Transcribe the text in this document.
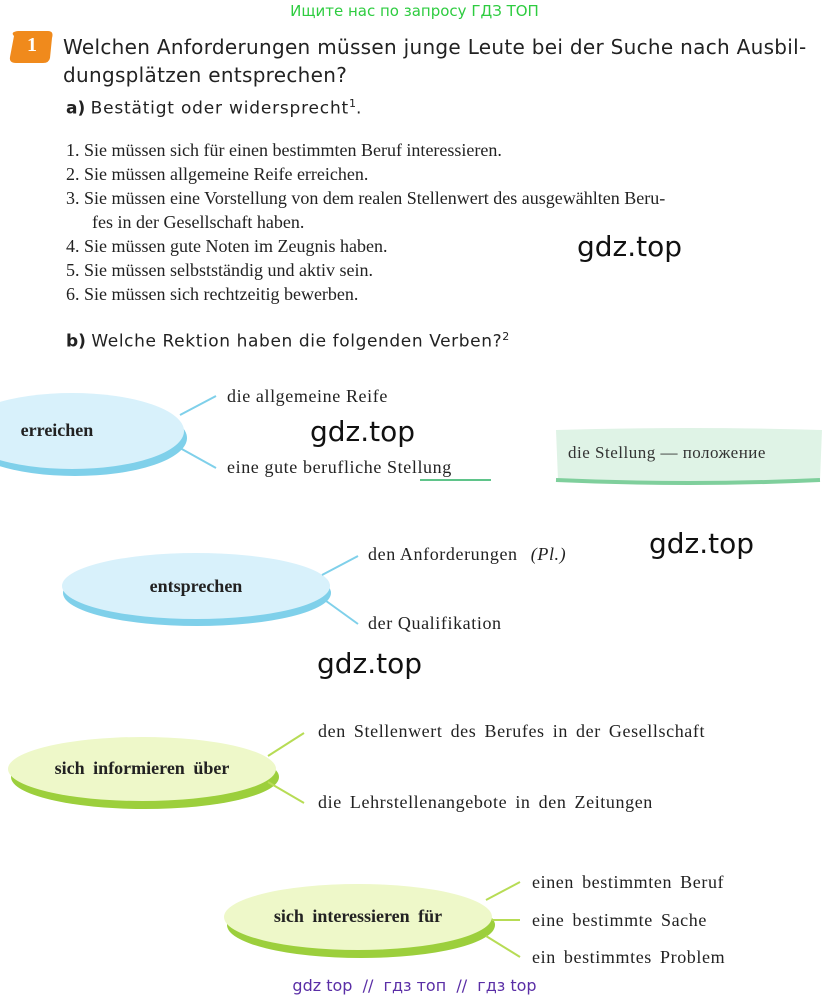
Ищите нас по запросу ГДЗ ТОП
1	Welchen Anforderungen müssen junge Leute bei der Suche nach Ausbil-dungsplätzen entsprechen?
a) Bestätigt oder widersprecht$^1$.
1. Sie müssen sich für einen bestimmten Beruf interessieren.
2. Sie müssen allgemeine Reife erreichen.
3. Sie müssen eine Vorstellung von dem realen Stellenwert des ausgewählten Beru-
fes in der Gesellschaft haben.
4. Sie müssen gute Noten im Zeugnis haben.
5. Sie müssen selbstständig und aktiv sein.
6. Sie müssen sich rechtzeitig bewerben.
b) Welche Rektion haben die folgenden Verben?$^2$
gdz.top
gdz.top
gdz.top
gdz.top
erreichen
die allgemeine Reife
eine gute berufliche Stellung
die Stellung — положение
entsprechen
den Anforderungen (Pl.)
der Qualifikation
sich informieren über
den Stellenwert des Berufes in der Gesellschaft
die Lehrstellenangebote in den Zeitungen
sich interessieren für
einen bestimmten Beruf
eine bestimmte Sache
ein bestimmtes Problem
gdz top  //  гдз топ  //  гдз top
